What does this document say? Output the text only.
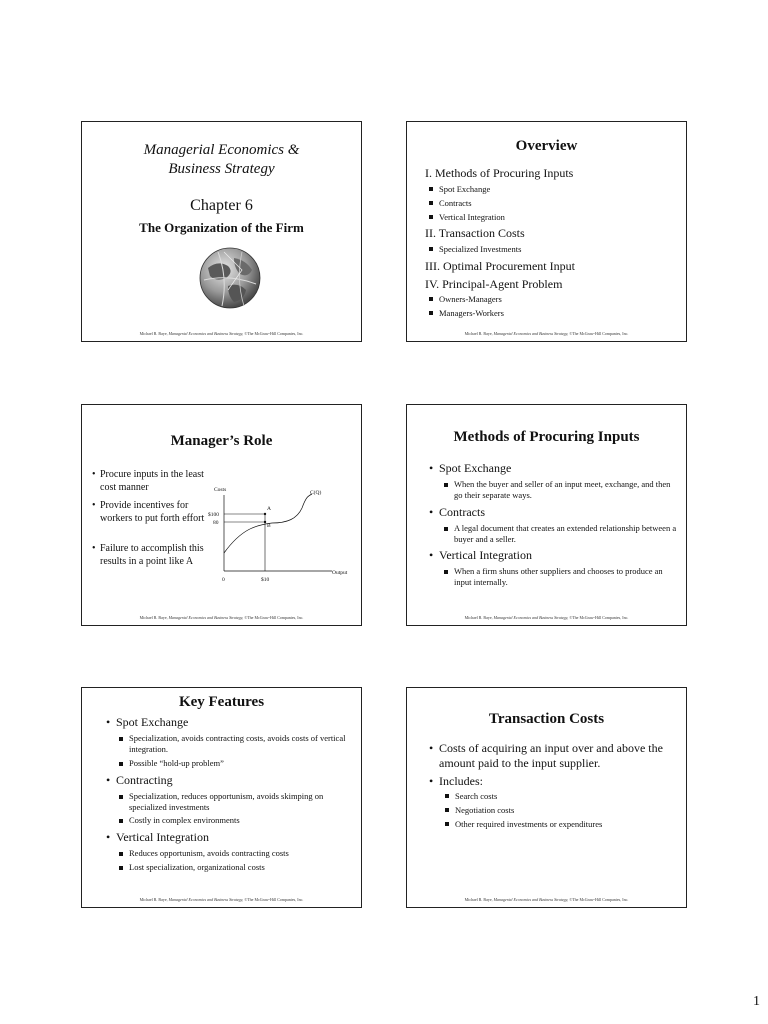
Managerial Economics &
Business Strategy
Chapter 6
The Organization of the Firm
Michael R. Baye, Managerial Economics and Business Strategy, ©The McGraw-Hill Companies, Inc.
Overview
I. Methods of Procuring Inputs
Spot Exchange
Contracts
Vertical Integration
II. Transaction Costs
Specialized Investments
III. Optimal Procurement Input
IV. Principal-Agent Problem
Owners-Managers
Managers-Workers
Michael R. Baye, Managerial Economics and Business Strategy, ©The McGraw-Hill Companies, Inc.
Manager’s Role
• Procure inputs in the least cost manner
• Provide incentives for workers to put forth effort
• Failure to accomplish this results in a point like A
Costs	C(Q)
Output
A
B
$100
80
0	$10
Michael R. Baye, Managerial Economics and Business Strategy, ©The McGraw-Hill Companies, Inc.
Methods of Procuring Inputs
• Spot Exchange
When the buyer and seller of an input meet, exchange, and then go their separate ways.
• Contracts
A legal document that creates an extended relationship between a buyer and a seller.
• Vertical Integration
When a firm shuns other suppliers and chooses to produce an input internally.
Michael R. Baye, Managerial Economics and Business Strategy, ©The McGraw-Hill Companies, Inc.
Key Features
• Spot Exchange
Specialization, avoids contracting costs, avoids costs of vertical integration.
Possible “hold-up problem”
• Contracting
Specialization, reduces opportunism, avoids skimping on specialized investments
Costly in complex environments
• Vertical Integration
Reduces opportunism, avoids contracting costs
Lost specialization, organizational costs
Michael R. Baye, Managerial Economics and Business Strategy, ©The McGraw-Hill Companies, Inc.
Transaction Costs
• Costs of acquiring an input over and above the amount paid to the input supplier.
• Includes:
Search costs
Negotiation costs
Other required investments or expenditures
Michael R. Baye, Managerial Economics and Business Strategy, ©The McGraw-Hill Companies, Inc.
1
